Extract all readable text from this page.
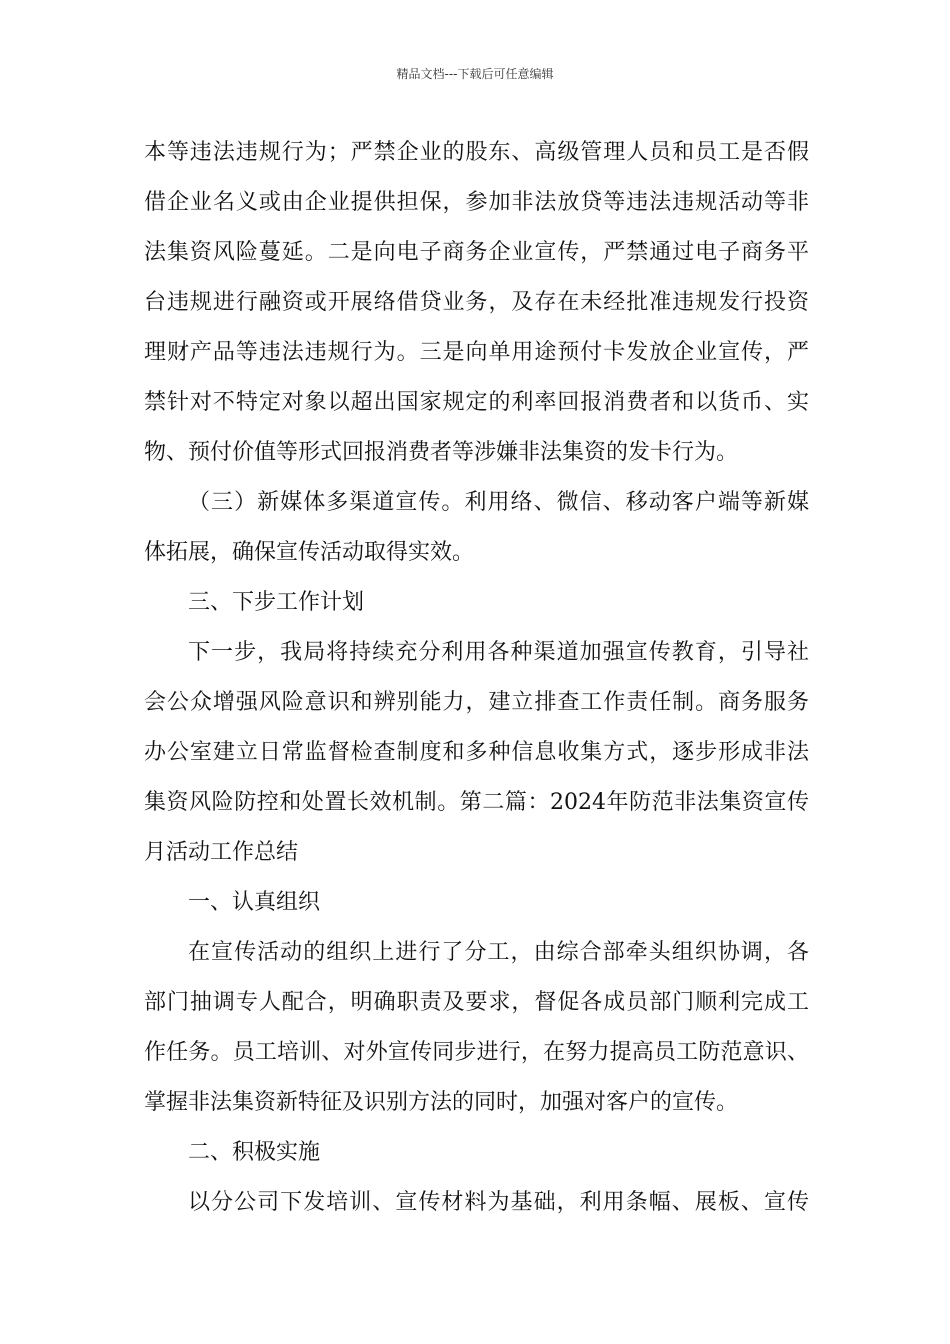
精品文档---下载后可任意编辑
本等违法违规行为；严禁企业的股东、高级管理人员和员工是否假
借企业名义或由企业提供担保，参加非法放贷等违法违规活动等非
法集资风险蔓延。二是向电子商务企业宣传，严禁通过电子商务平
台违规进行融资或开展络借贷业务，及存在未经批准违规发行投资
理财产品等违法违规行为。三是向单用途预付卡发放企业宣传，严
禁针对不特定对象以超出国家规定的利率回报消费者和以货币、实
物、预付价值等形式回报消费者等涉嫌非法集资的发卡行为。
（三）新媒体多渠道宣传。利用络、微信、移动客户端等新媒
体拓展，确保宣传活动取得实效。
三、下步工作计划
下一步，我局将持续充分利用各种渠道加强宣传教育，引导社
会公众增强风险意识和辨别能力，建立排查工作责任制。商务服务
办公室建立日常监督检查制度和多种信息收集方式，逐步形成非法
集资风险防控和处置长效机制。第二篇：2024年防范非法集资宣传
月活动工作总结
一、认真组织
在宣传活动的组织上进行了分工，由综合部牵头组织协调，各
部门抽调专人配合，明确职责及要求，督促各成员部门顺利完成工
作任务。员工培训、对外宣传同步进行，在努力提高员工防范意识、
掌握非法集资新特征及识别方法的同时，加强对客户的宣传。
二、积极实施
以分公司下发培训、宣传材料为基础，利用条幅、展板、宣传
